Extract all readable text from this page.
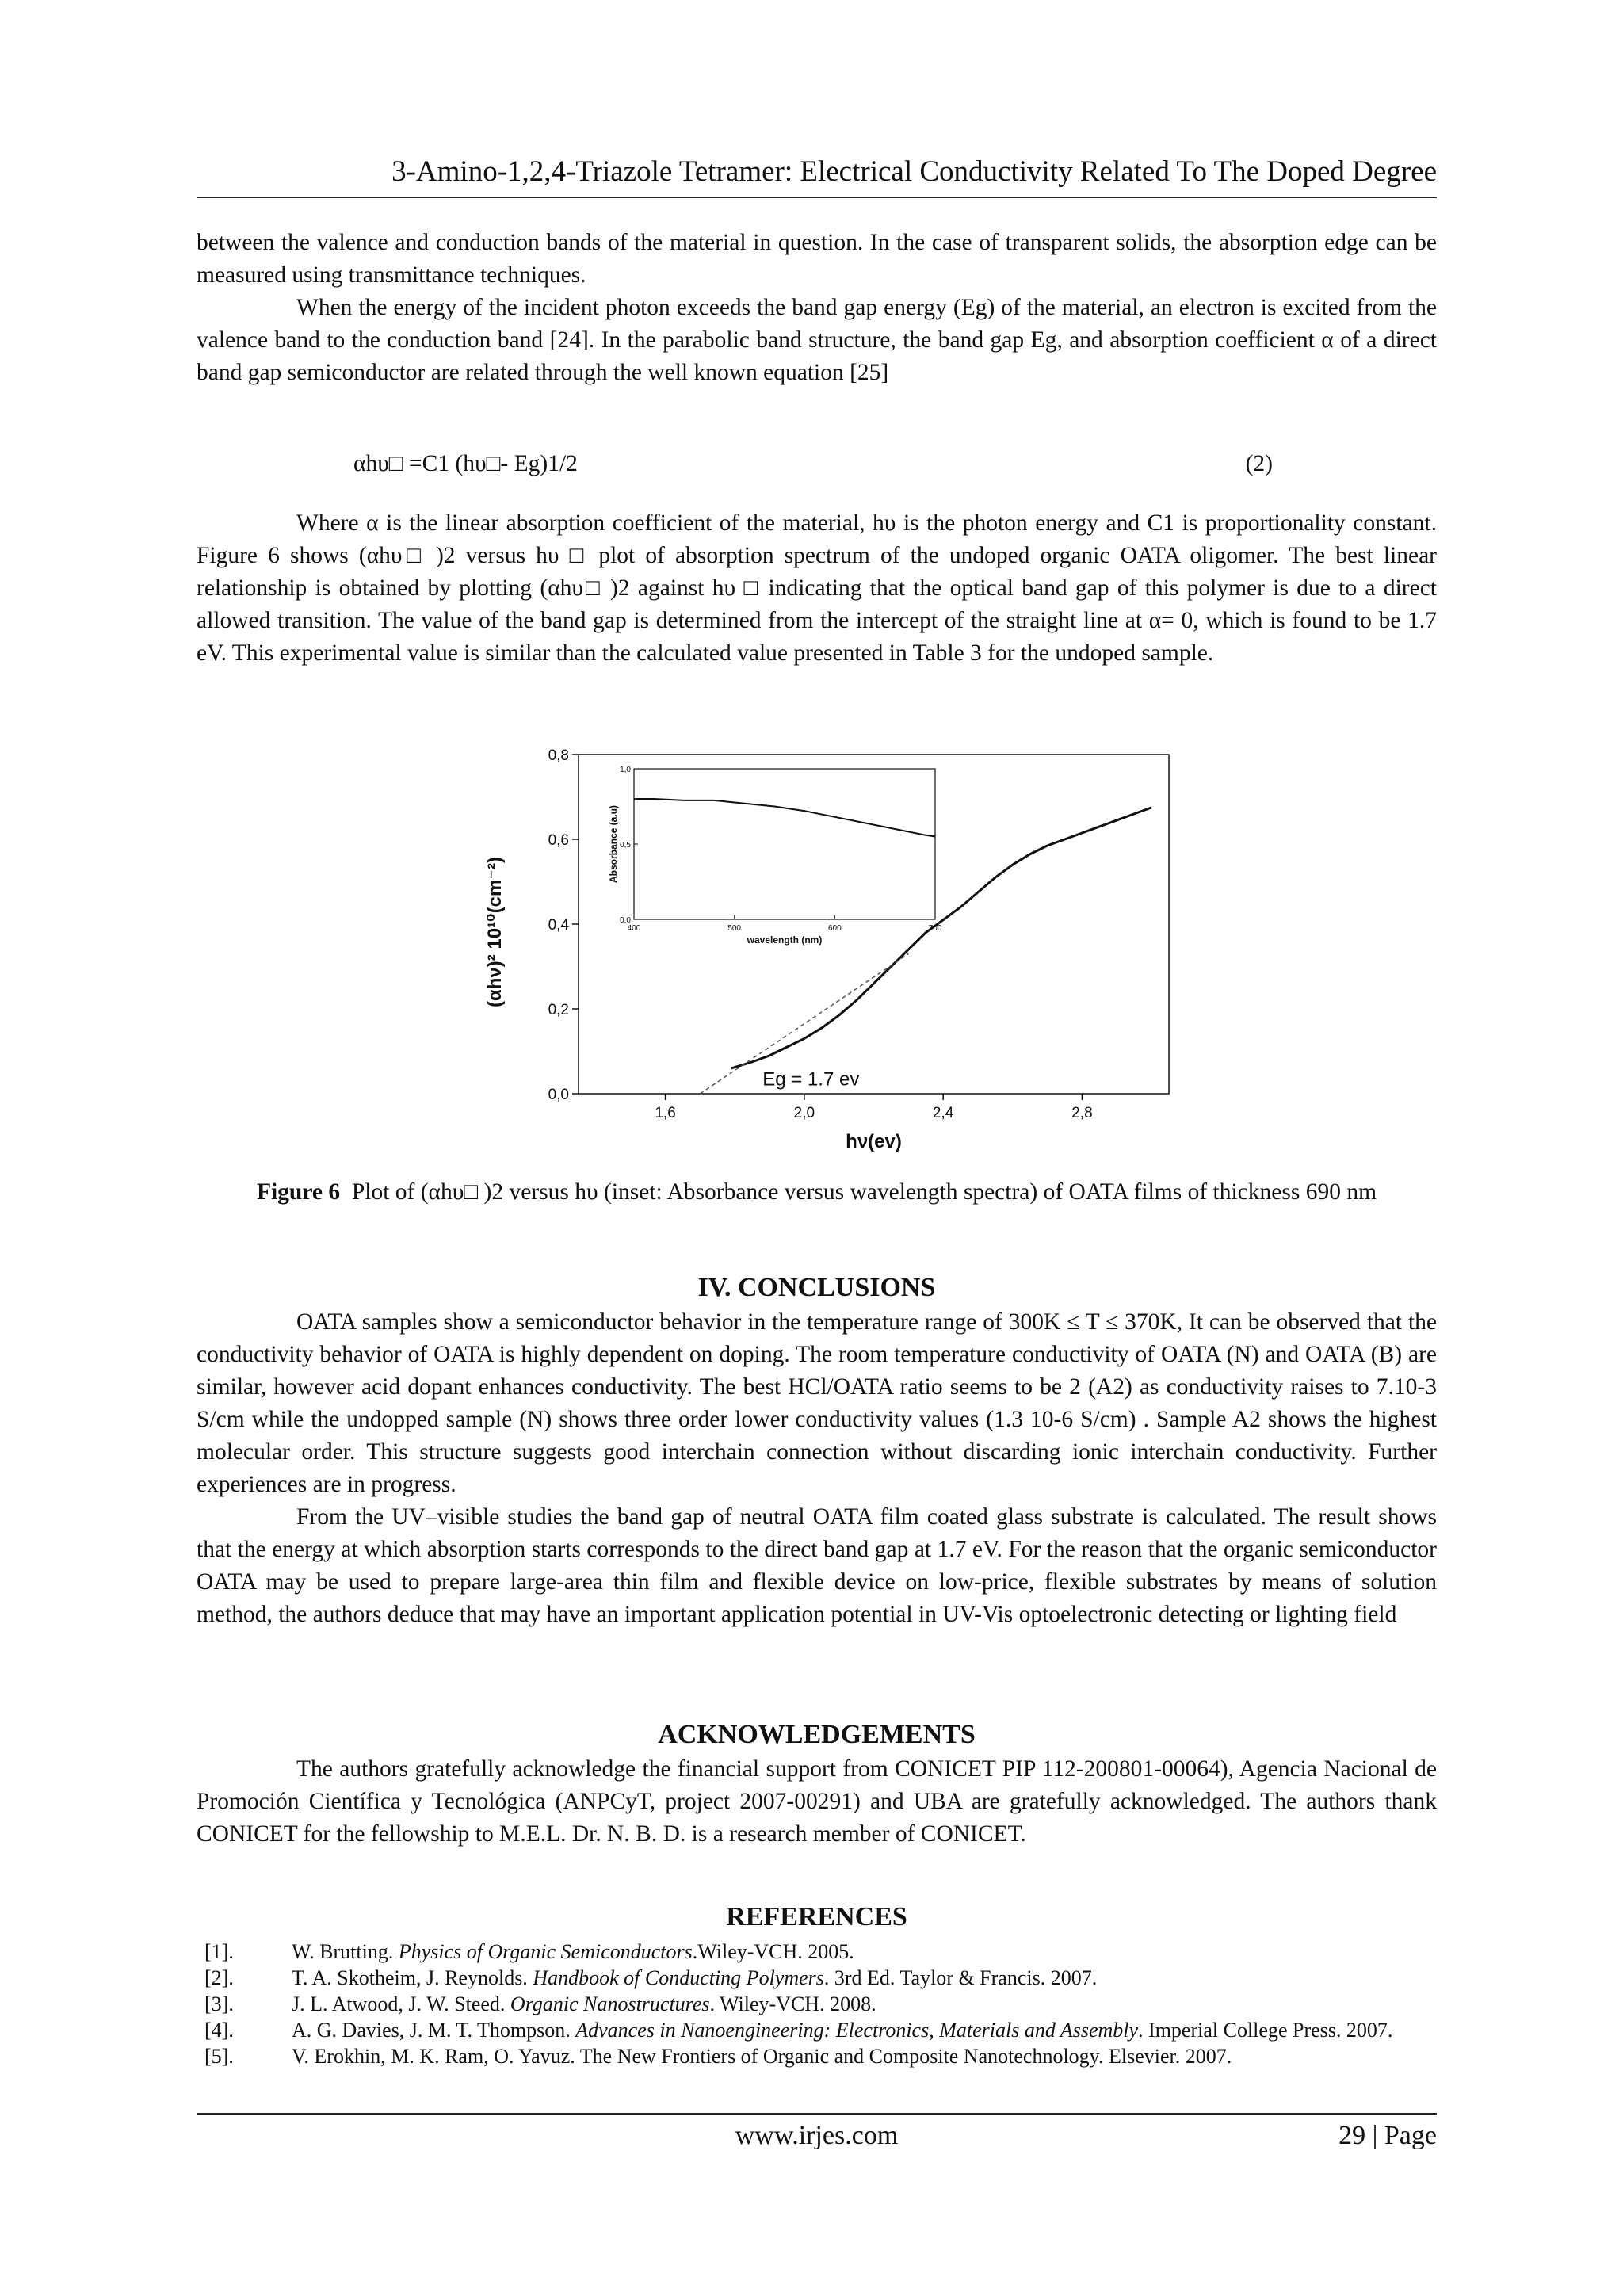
3-Amino-1,2,4-Triazole Tetramer: Electrical Conductivity Related To The Doped Degree

between the valence and conduction bands of the material in question. In the case of transparent solids, the absorption edge can be measured using transmittance techniques.

When the energy of the incident photon exceeds the band gap energy (Eg) of the material, an electron is excited from the valence band to the conduction band [24]. In the parabolic band structure, the band gap Eg, and absorption coefficient α of a direct band gap semiconductor are related through the well known equation [25]

αhυ□ =C1 (hυ□- Eg)1/2	(2)

Where α is the linear absorption coefficient of the material, hυ is the photon energy and C1 is proportionality constant. Figure 6 shows (αhυ□ )2 versus hυ □ plot of absorption spectrum of the undoped organic OATA oligomer. The best linear relationship is obtained by plotting (αhυ□ )2 against hυ □ indicating that the optical band gap of this polymer is due to a direct allowed transition. The value of the band gap is determined from the intercept of the straight line at α= 0, which is found to be 1.7 eV. This experimental value is similar than the calculated value presented in Table 3 for the undoped sample.

1,6	2,0	2,4	2,8
0,0
0,2
0,4
0,6
0,8
hν(ev)
(αhν)² 10¹⁰(cm⁻²)
Eg = 1.7 ev
400	500	600	700
0,0
0,5
1,0
wavelength (nm)
Absorbance (a.u)
Figure 6 Plot of (αhυ□ )2 versus hυ (inset: Absorbance versus wavelength spectra) of OATA films of thickness 690 nm
IV. CONCLUSIONS

OATA samples show a semiconductor behavior in the temperature range of 300K ≤ T ≤ 370K, It can be observed that the conductivity behavior of OATA is highly dependent on doping. The room temperature conductivity of OATA (N) and OATA (B) are similar, however acid dopant enhances conductivity. The best HCl/OATA ratio seems to be 2 (A2) as conductivity raises to 7.10-3 S/cm while the undopped sample (N) shows three order lower conductivity values (1.3 10-6 S/cm) . Sample A2 shows the highest molecular order. This structure suggests good interchain connection without discarding ionic interchain conductivity. Further experiences are in progress.

From the UV–visible studies the band gap of neutral OATA film coated glass substrate is calculated. The result shows that the energy at which absorption starts corresponds to the direct band gap at 1.7 eV. For the reason that the organic semiconductor OATA may be used to prepare large-area thin film and flexible device on low-price, flexible substrates by means of solution method, the authors deduce that may have an important application potential in UV-Vis optoelectronic detecting or lighting field

ACKNOWLEDGEMENTS

The authors gratefully acknowledge the financial support from CONICET PIP 112-200801-00064), Agencia Nacional de Promoción Científica y Tecnológica (ANPCyT, project 2007-00291) and UBA are gratefully acknowledged. The authors thank CONICET for the fellowship to M.E.L. Dr. N. B. D. is a research member of CONICET.

REFERENCES
[1].	W. Brutting. Physics of Organic Semiconductors.Wiley-VCH. 2005.
[2].	T. A. Skotheim, J. Reynolds. Handbook of Conducting Polymers. 3rd Ed. Taylor & Francis. 2007.
[3].	J. L. Atwood, J. W. Steed. Organic Nanostructures. Wiley-VCH. 2008.
[4].	A. G. Davies, J. M. T. Thompson. Advances in Nanoengineering: Electronics, Materials and Assembly. Imperial College Press. 2007.
[5].	V. Erokhin, M. K. Ram, O. Yavuz. The New Frontiers of Organic and Composite Nanotechnology. Elsevier. 2007.
www.irjes.com	29 | Page
